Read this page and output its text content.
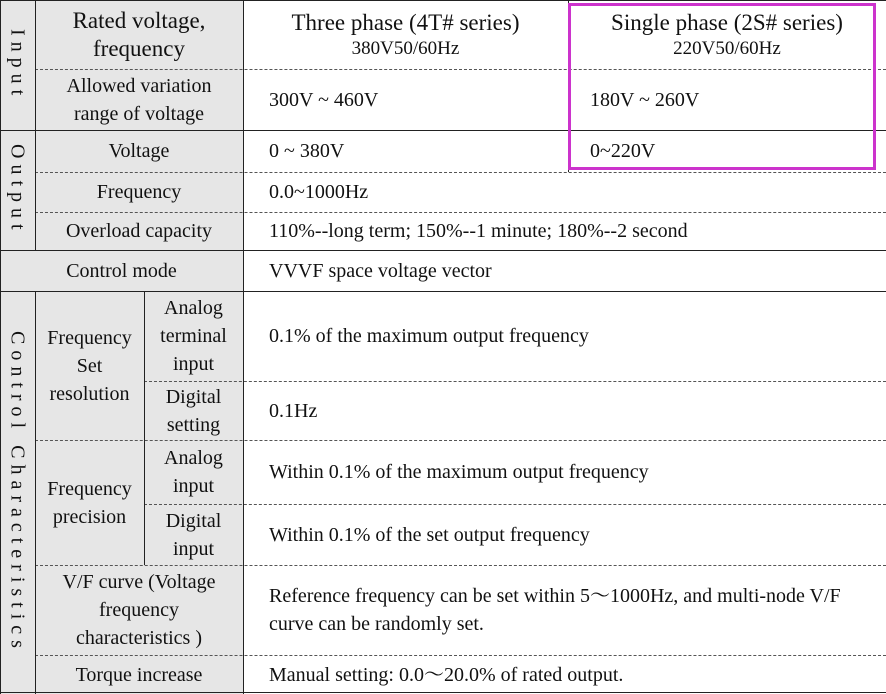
Input
Output
Control Characteristics
Rated voltage, frequency
Allowed variation range of voltage
Voltage
Frequency
Overload capacity
Control mode
Frequency Set resolution
Analog terminal input
Digital setting
Frequency precision
Analog input
Digital input
V/F curve (Voltage frequency characteristics )
Torque increase
Three phase (4T# series)
380V50/60Hz
Single phase (2S# series)
220V50/60Hz
300V ~ 460V	180V ~ 260V
0 ~ 380V	0~220V
0.0~1000Hz
110%--long term; 150%--1 minute; 180%--2 second
VVVF space voltage vector
0.1% of the maximum output frequency
0.1Hz
Within 0.1% of the maximum output frequency
Within 0.1% of the set output frequency
Reference frequency can be set within 5～1000Hz, and multi-node V/F curve can be randomly set.
Manual setting: 0.0～20.0% of rated output.
